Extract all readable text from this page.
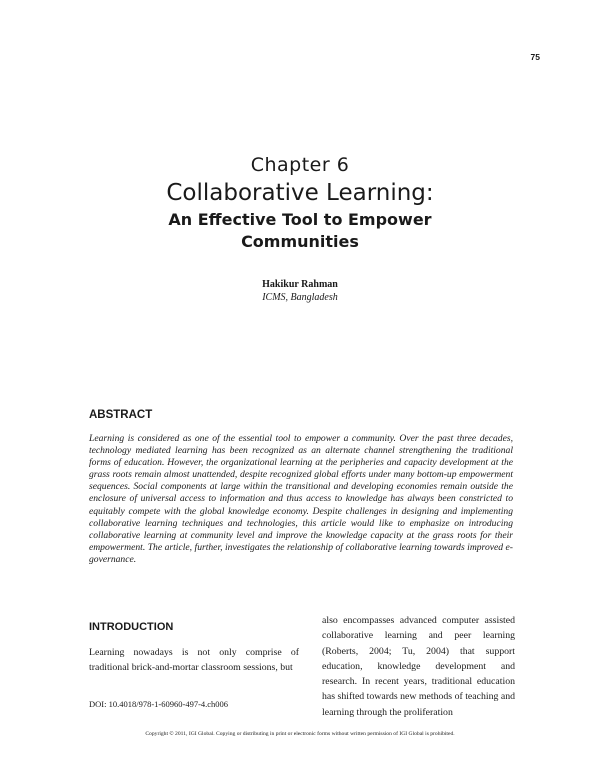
75
Chapter 6
Collaborative Learning:
An Effective Tool to Empower Communities
Hakikur Rahman
ICMS, Bangladesh
ABSTRACT
Learning is considered as one of the essential tool to empower a community. Over the past three decades, technology mediated learning has been recognized as an alternate channel strengthening the traditional forms of education. However, the organizational learning at the peripheries and capacity development at the grass roots remain almost unattended, despite recognized global efforts under many bottom-up empowerment sequences. Social components at large within the transitional and developing economies remain outside the enclosure of universal access to information and thus access to knowledge has always been constricted to equitably compete with the global knowledge economy. Despite challenges in designing and implementing collaborative learning techniques and technologies, this article would like to emphasize on introducing collaborative learning at community level and improve the knowledge capacity at the grass roots for their empowerment. The article, further, investigates the relationship of collaborative learning towards improved e-governance.
INTRODUCTION
Learning nowadays is not only comprise of traditional brick-and-mortar classroom sessions, but
also encompasses advanced computer assisted collaborative learning and peer learning (Roberts, 2004; Tu, 2004) that support education, knowledge development and research. In recent years, traditional education has shifted towards new methods of teaching and learning through the proliferation
DOI: 10.4018/978-1-60960-497-4.ch006
Copyright © 2011, IGI Global. Copying or distributing in print or electronic forms without written permission of IGI Global is prohibited.
